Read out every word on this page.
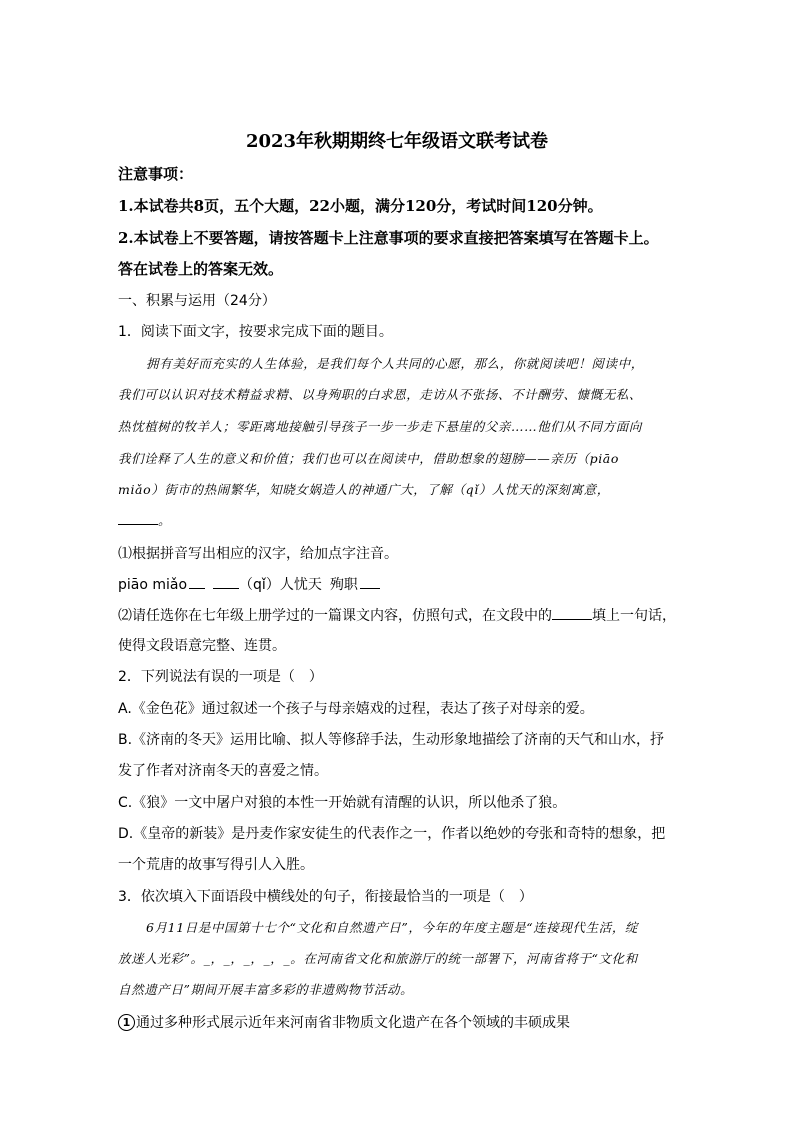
2023年秋期期终七年级语文联考试卷
注意事项：
1.本试卷共8页，五个大题，22小题，满分120分，考试时间120分钟。
2.本试卷上不要答题，请按答题卡上注意事项的要求直接把答案填写在答题卡上。
答在试卷上的答案无效。
一、积累与运用（24分）
1．阅读下面文字，按要求完成下面的题目。
拥有美好而充实的人生体验，是我们每个人共同的心愿，那么，你就阅读吧！阅读中，
我们可以认识对技术精益求精、以身殉职的白求恩，走访从不张扬、不计酬劳、慷慨无私、
热忱植树的牧羊人；零距离地接触引导孩子一步一步走下悬崖的父亲……他们从不同方面向
我们诠释了人生的意义和价值；我们也可以在阅读中，借助想象的翅膀——亲历（piāo
miǎo）街市的热闹繁华，知晓女娲造人的神通广大，了解（qǐ）人忧天的深刻寓意，
。
⑴根据拼音写出相应的汉字，给加点字注音。
piāo miǎo	（qǐ）人忧天 殉职
⑵请任选你在七年级上册学过的一篇课文内容，仿照句式，在文段中的	填上一句话，
使得文段语意完整、连贯。
2．下列说法有误的一项是（　）
A.《金色花》通过叙述一个孩子与母亲嬉戏的过程，表达了孩子对母亲的爱。
B.《济南的冬天》运用比喻、拟人等修辞手法，生动形象地描绘了济南的天气和山水，抒
发了作者对济南冬天的喜爱之情。
C.《狼》一文中屠户对狼的本性一开始就有清醒的认识，所以他杀了狼。
D.《皇帝的新装》是丹麦作家安徒生的代表作之一，作者以绝妙的夸张和奇特的想象，把
一个荒唐的故事写得引人入胜。
3．依次填入下面语段中横线处的句子，衔接最恰当的一项是（　）
6月11日是中国第十七个“文化和自然遗产日”，今年的年度主题是“连接现代生活，绽
放迷人光彩”。_，_，_，_，_。在河南省文化和旅游厅的统一部署下，河南省将于“文化和
自然遗产日”期间开展丰富多彩的非遗购物节活动。
1 通过多种形式展示近年来河南省非物质文化遗产在各个领域的丰硕成果
